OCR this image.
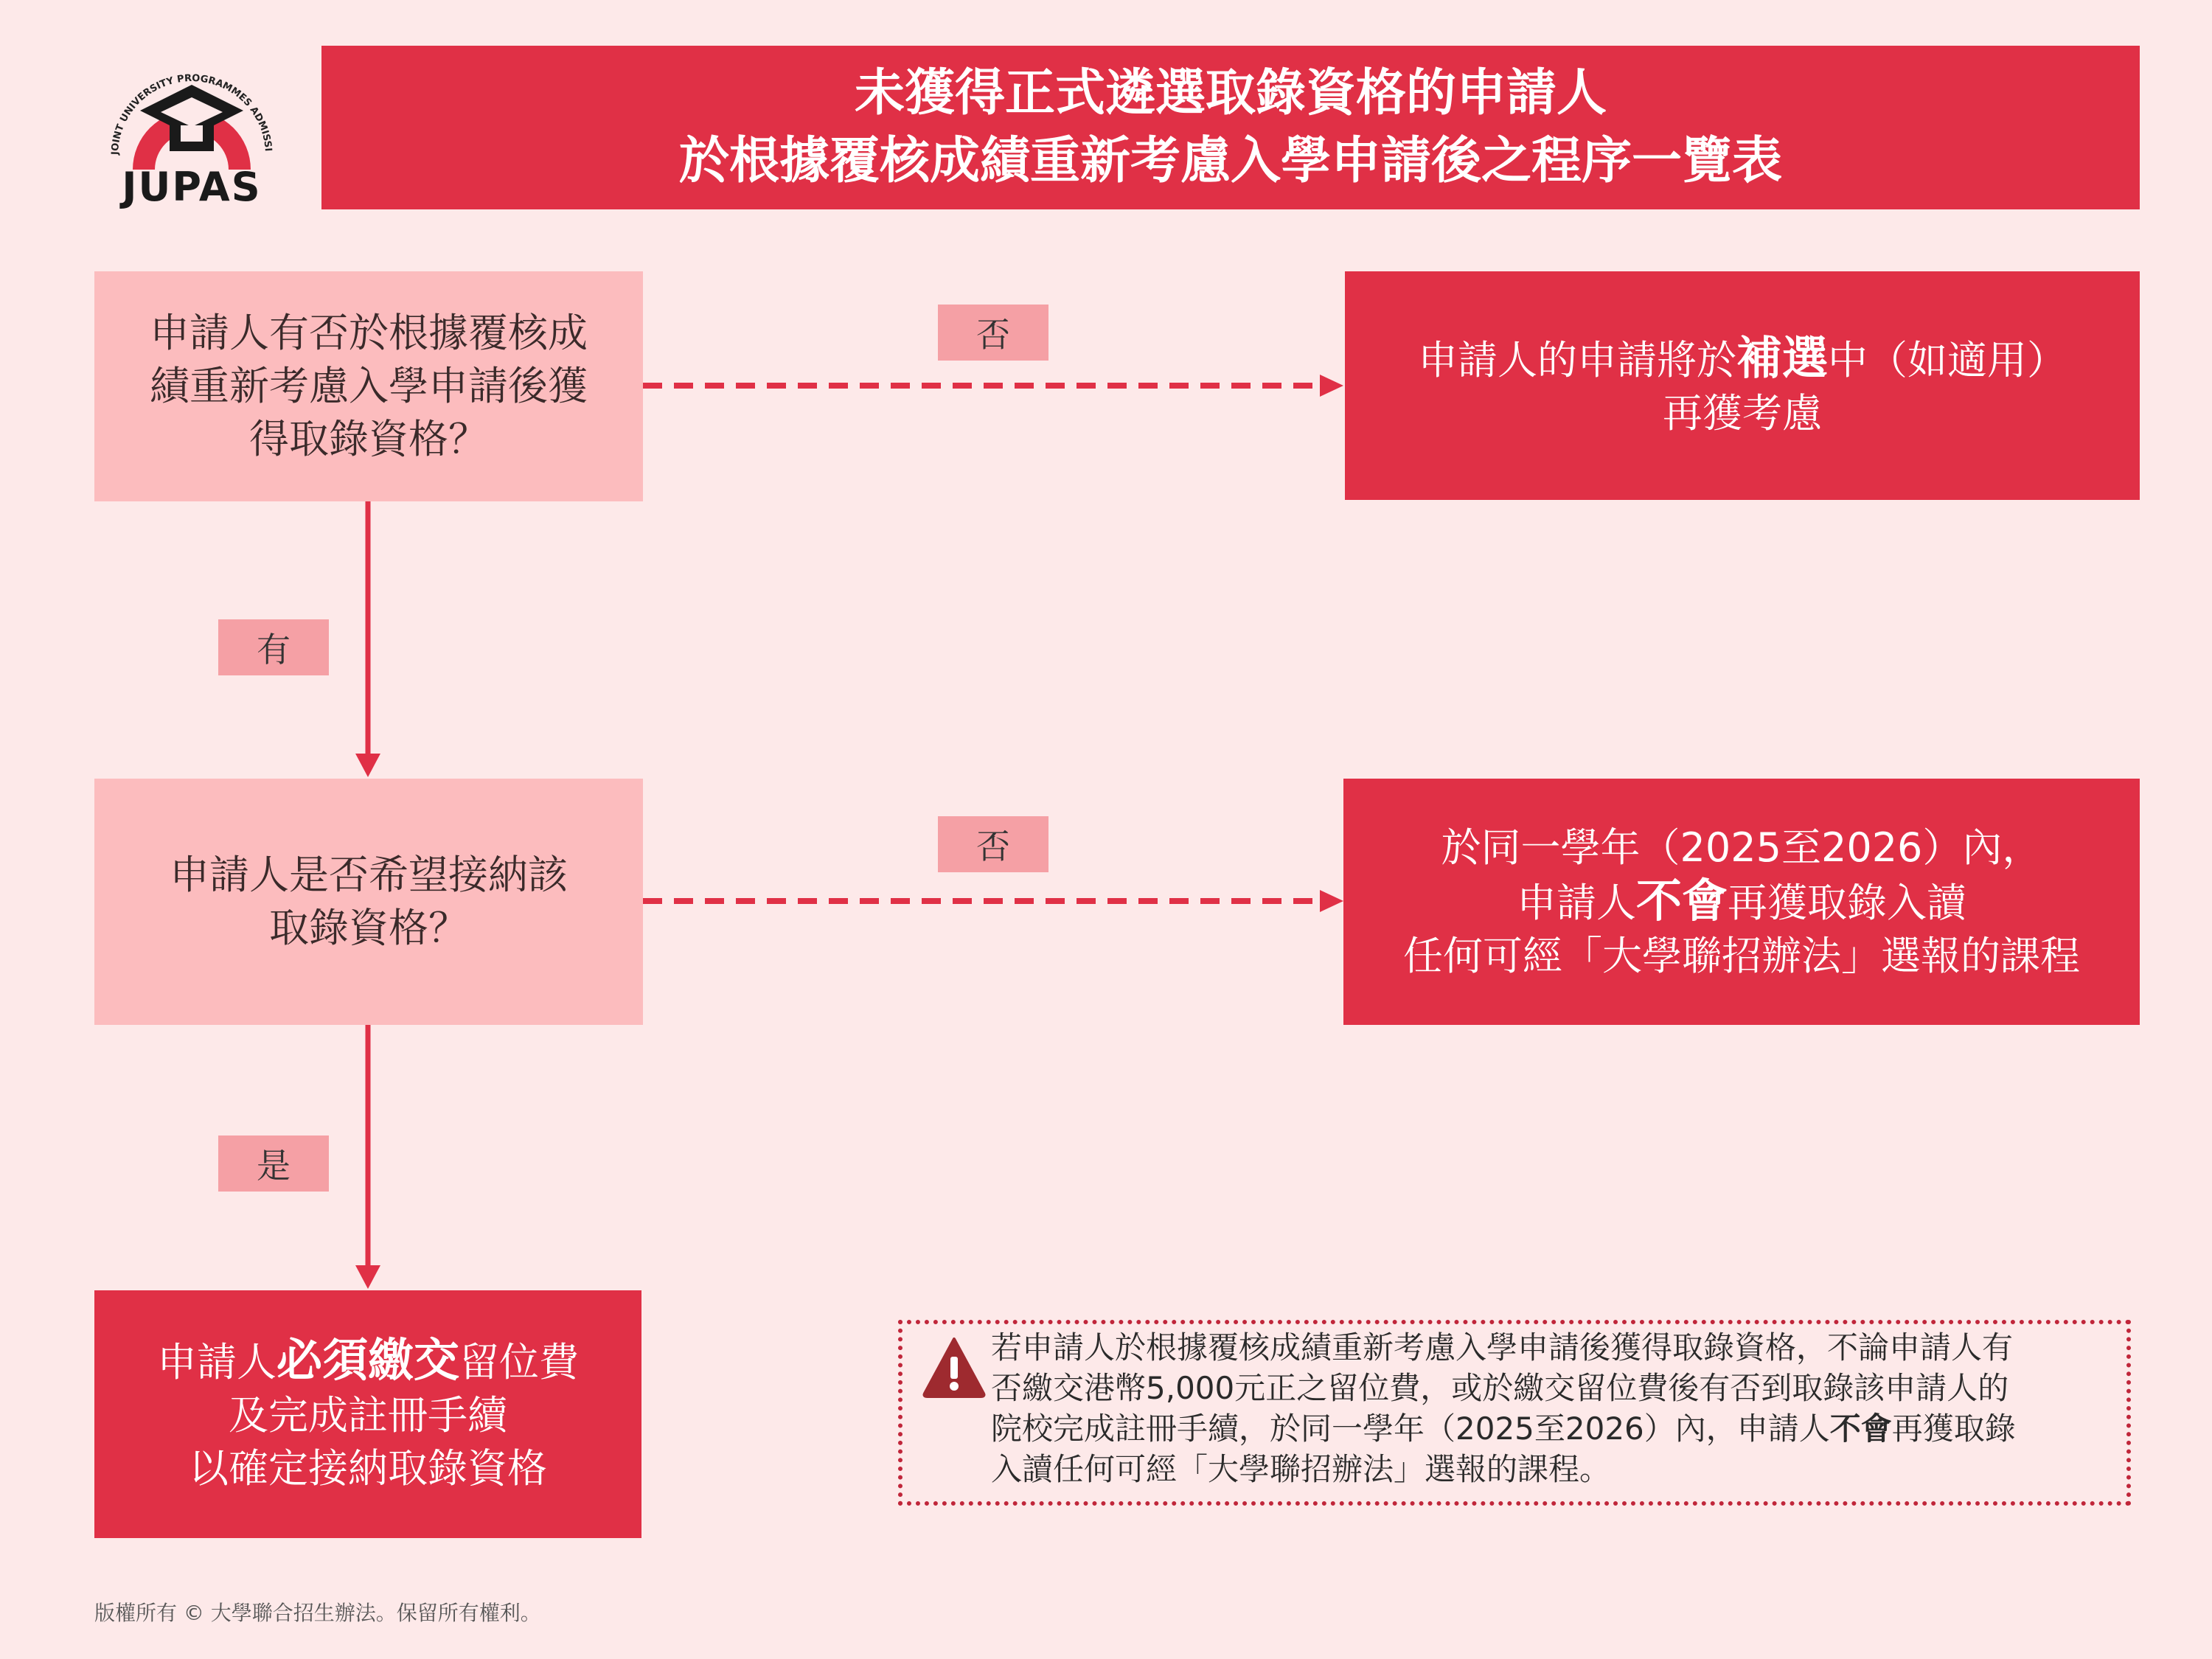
JOINT UNIVERSITY PROGRAMMES ADMISSI
JUPAS
未獲得正式遴選取錄資格的申請人
於根據覆核成績重新考慮入學申請後之程序一覽表
申請人有否於根據覆核成
績重新考慮入學申請後獲
得取錄資格？
否
申請人的申請將於補選中（如適用）
再獲考慮
有
申請人是否希望接納該
取錄資格？
否	於同一學年（2025至2026）內，
申請人不會再獲取錄入讀
任何可經「大學聯招辦法」選報的課程
是
申請人必須繳交留位費
及完成註冊手續
以確定接納取錄資格
若申請人於根據覆核成績重新考慮入學申請後獲得取錄資格，不論申請人有
否繳交港幣5,000元正之留位費，或於繳交留位費後有否到取錄該申請人的
院校完成註冊手續，於同一學年（2025至2026）內，申請人不會再獲取錄
入讀任何可經「大學聯招辦法」選報的課程。
版權所有 © 大學聯合招生辦法。保留所有權利。
